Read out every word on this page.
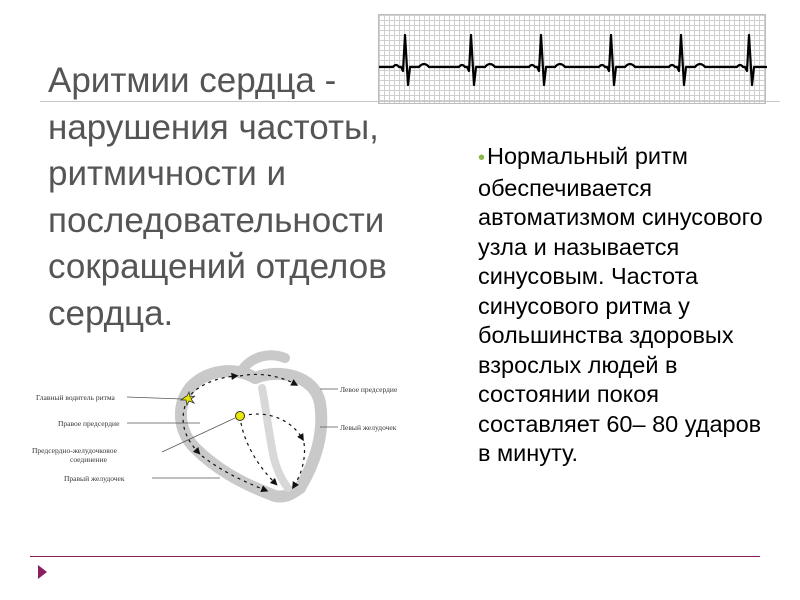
Аритмии сердца - нарушения частоты, ритмичности и последовательности сокращений отделов сердца.
•Нормальный ритм обеспечивается автоматизмом синусового узла и называется синусовым. Частота синусового ритма у большинства здоровых взрослых людей в состоянии покоя составляет 60– 80 ударов в минуту.
Главный водитель ритма
Правое предсердие
Предсердно-желудочковое
соединение
Правый желудочек
Левое предсердие
Левый желудочек
